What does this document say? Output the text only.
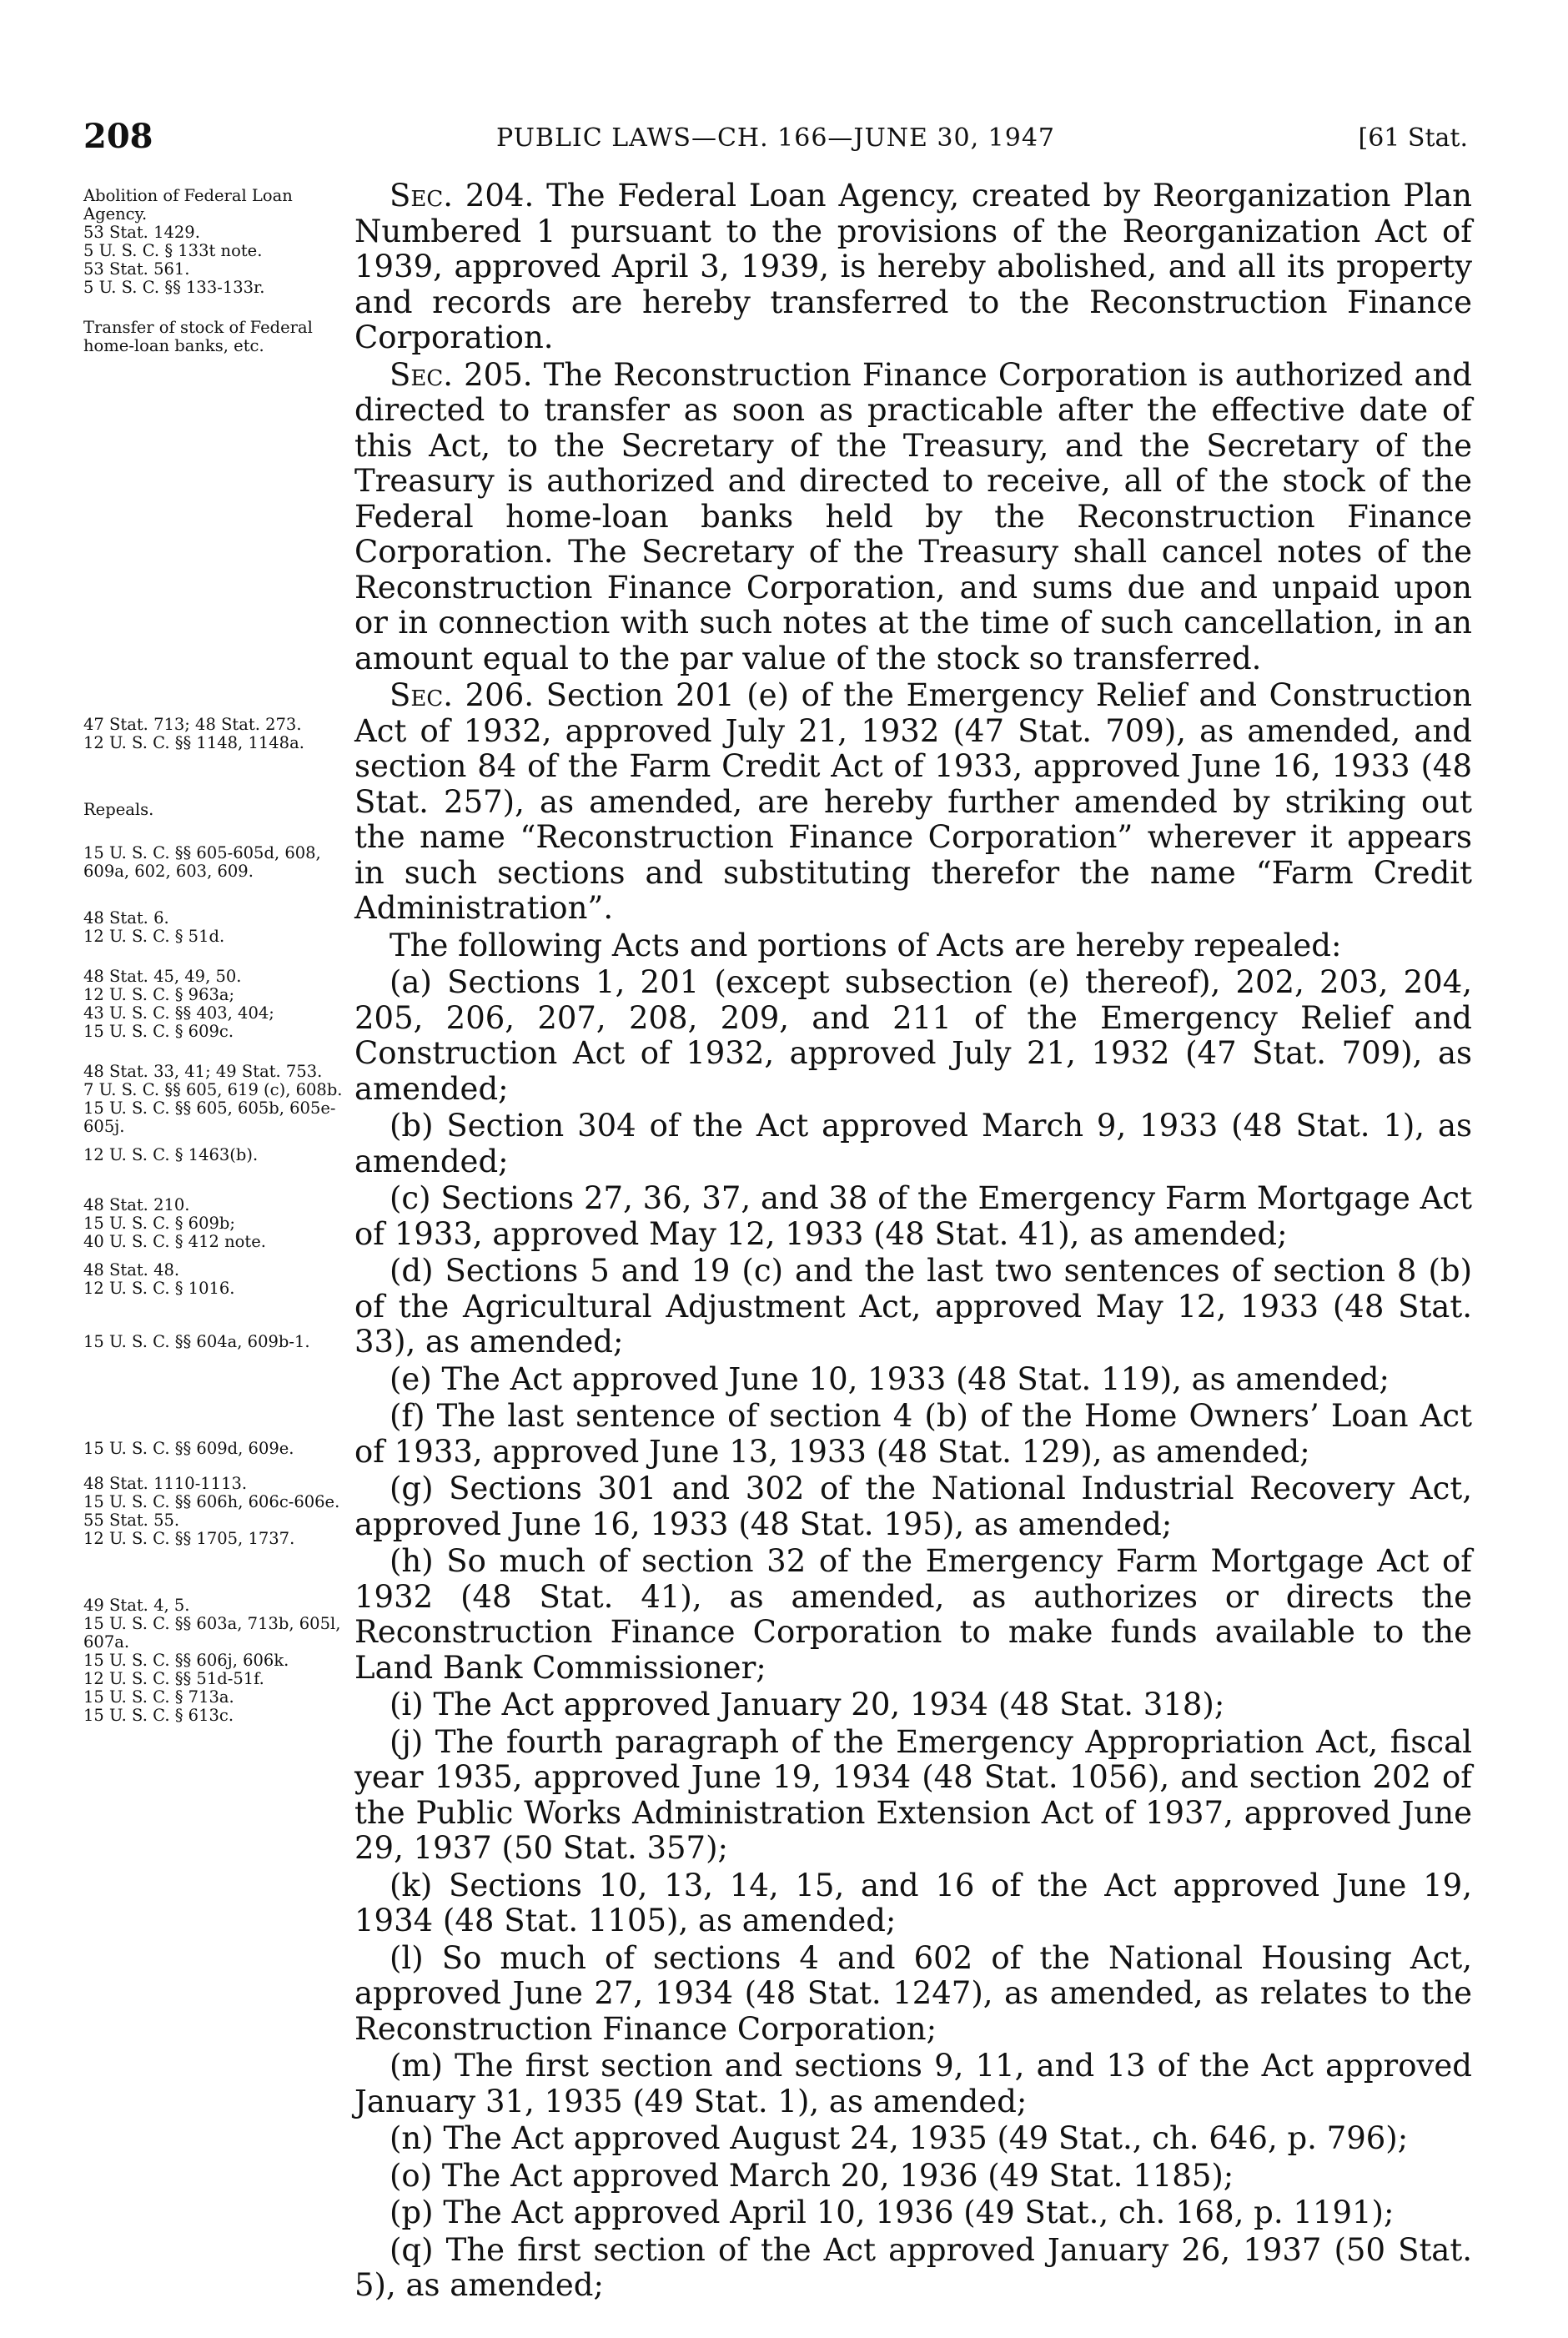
208	PUBLIC LAWS—CH. 166—JUNE 30, 1947	[61 Stat.
Abolition of Federal Loan Agency.
53 Stat. 1429.
5 U. S. C. § 133t note.
53 Stat. 561.
5 U. S. C. §§ 133-133r.
Transfer of stock of Federal home-loan banks, etc.
47 Stat. 713; 48 Stat. 273.
12 U. S. C. §§ 1148, 1148a.
Repeals.
15 U. S. C. §§ 605-605d, 608, 609a, 602, 603, 609.
48 Stat. 6.
12 U. S. C. § 51d.
48 Stat. 45, 49, 50.
12 U. S. C. § 963a;
43 U. S. C. §§ 403, 404;
15 U. S. C. § 609c.
48 Stat. 33, 41; 49 Stat. 753.
7 U. S. C. §§ 605, 619 (c), 608b.
15 U. S. C. §§ 605, 605b, 605e-605j.
12 U. S. C. § 1463(b).
48 Stat. 210.
15 U. S. C. § 609b;
40 U. S. C. § 412 note.
48 Stat. 48.
12 U. S. C. § 1016.
15 U. S. C. §§ 604a, 609b-1.
15 U. S. C. §§ 609d, 609e.
48 Stat. 1110-1113.
15 U. S. C. §§ 606h, 606c-606e.
55 Stat. 55.
12 U. S. C. §§ 1705, 1737.
49 Stat. 4, 5.
15 U. S. C. §§ 603a, 713b, 605l, 607a.
15 U. S. C. §§ 606j, 606k.
12 U. S. C. §§ 51d-51f.
15 U. S. C. § 713a.
15 U. S. C. § 613c.

Sec. 204. The Federal Loan Agency, created by Reorganization Plan Numbered 1 pursuant to the provisions of the Reorganization Act of 1939, approved April 3, 1939, is hereby abolished, and all its property and records are hereby transferred to the Reconstruction Finance Corporation.

Sec. 205. The Reconstruction Finance Corporation is authorized and directed to transfer as soon as practicable after the effective date of this Act, to the Secretary of the Treasury, and the Secretary of the Treasury is authorized and directed to receive, all of the stock of the Federal home-loan banks held by the Reconstruction Finance Corporation. The Secretary of the Treasury shall cancel notes of the Reconstruction Finance Corporation, and sums due and unpaid upon or in connection with such notes at the time of such cancellation, in an amount equal to the par value of the stock so transferred.

Sec. 206. Section 201 (e) of the Emergency Relief and Construction Act of 1932, approved July 21, 1932 (47 Stat. 709), as amended, and section 84 of the Farm Credit Act of 1933, approved June 16, 1933 (48 Stat. 257), as amended, are hereby further amended by striking out the name “Reconstruction Finance Corporation” wherever it appears in such sections and substituting therefor the name “Farm Credit Administration”.

The following Acts and portions of Acts are hereby repealed:

(a) Sections 1, 201 (except subsection (e) thereof), 202, 203, 204, 205, 206, 207, 208, 209, and 211 of the Emergency Relief and Construction Act of 1932, approved July 21, 1932 (47 Stat. 709), as amended;

(b) Section 304 of the Act approved March 9, 1933 (48 Stat. 1), as amended;

(c) Sections 27, 36, 37, and 38 of the Emergency Farm Mortgage Act of 1933, approved May 12, 1933 (48 Stat. 41), as amended;

(d) Sections 5 and 19 (c) and the last two sentences of section 8 (b) of the Agricultural Adjustment Act, approved May 12, 1933 (48 Stat. 33), as amended;

(e) The Act approved June 10, 1933 (48 Stat. 119), as amended;

(f) The last sentence of section 4 (b) of the Home Owners’ Loan Act of 1933, approved June 13, 1933 (48 Stat. 129), as amended;

(g) Sections 301 and 302 of the National Industrial Recovery Act, approved June 16, 1933 (48 Stat. 195), as amended;

(h) So much of section 32 of the Emergency Farm Mortgage Act of 1932 (48 Stat. 41), as amended, as authorizes or directs the Reconstruction Finance Corporation to make funds available to the Land Bank Commissioner;

(i) The Act approved January 20, 1934 (48 Stat. 318);

(j) The fourth paragraph of the Emergency Appropriation Act, fiscal year 1935, approved June 19, 1934 (48 Stat. 1056), and section 202 of the Public Works Administration Extension Act of 1937, approved June 29, 1937 (50 Stat. 357);

(k) Sections 10, 13, 14, 15, and 16 of the Act approved June 19, 1934 (48 Stat. 1105), as amended;

(l) So much of sections 4 and 602 of the National Housing Act, approved June 27, 1934 (48 Stat. 1247), as amended, as relates to the Reconstruction Finance Corporation;

(m) The first section and sections 9, 11, and 13 of the Act approved January 31, 1935 (49 Stat. 1), as amended;

(n) The Act approved August 24, 1935 (49 Stat., ch. 646, p. 796);

(o) The Act approved March 20, 1936 (49 Stat. 1185);

(p) The Act approved April 10, 1936 (49 Stat., ch. 168, p. 1191);

(q) The first section of the Act approved January 26, 1937 (50 Stat. 5), as amended;
